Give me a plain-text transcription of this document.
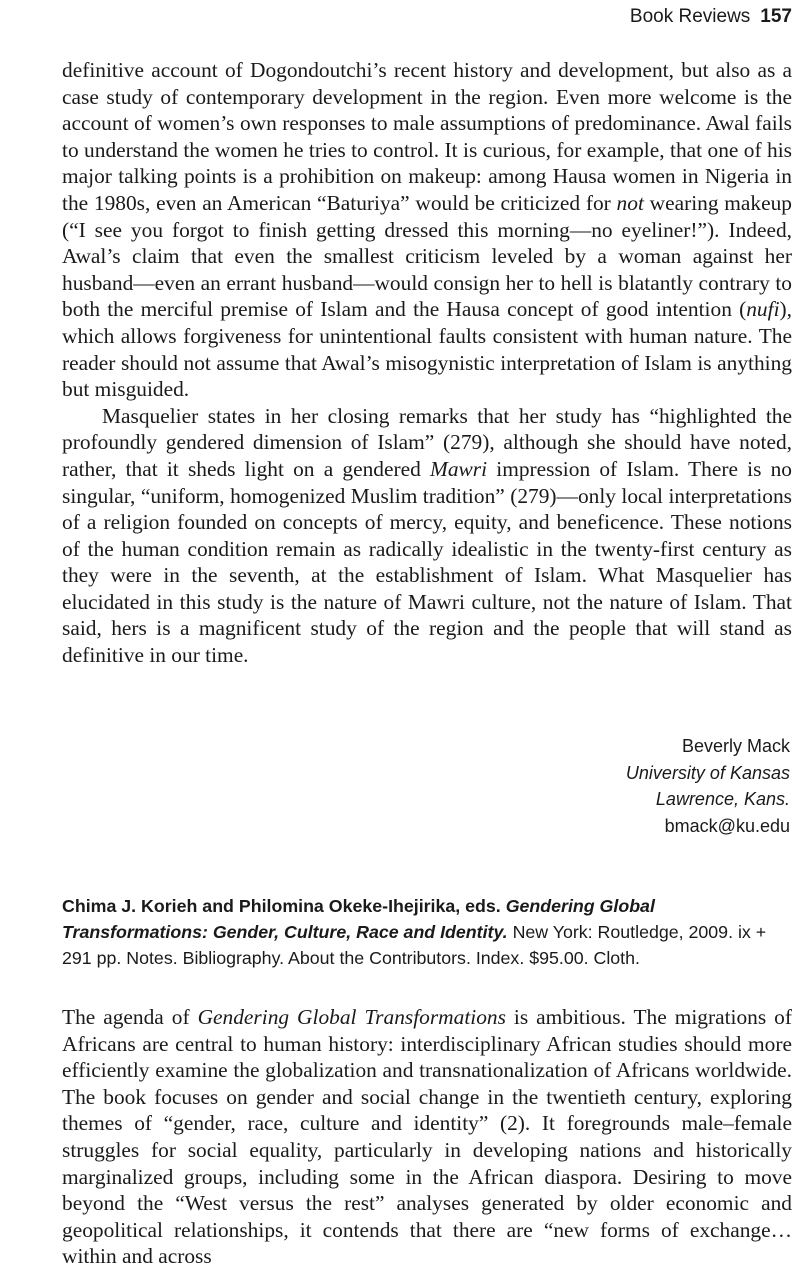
Book Reviews 157

definitive account of Dogondoutchi’s recent history and development, but also as a case study of contemporary development in the region. Even more welcome is the account of women’s own responses to male assumptions of predominance. Awal fails to understand the women he tries to control. It is curious, for example, that one of his major talking points is a prohibition on makeup: among Hausa women in Nigeria in the 1980s, even an American “Baturiya” would be criticized for not wearing makeup (“I see you forgot to finish getting dressed this morning—no eyeliner!”). Indeed, Awal’s claim that even the smallest criticism leveled by a woman against her husband—even an errant husband—would consign her to hell is blatantly contrary to both the merciful premise of Islam and the Hausa concept of good intention (nufi), which allows forgiveness for unintentional faults consistent with human nature. The reader should not assume that Awal’s misogynistic interpretation of Islam is anything but misguided.

Masquelier states in her closing remarks that her study has “highlighted the profoundly gendered dimension of Islam” (279), although she should have noted, rather, that it sheds light on a gendered Mawri impression of Islam. There is no singular, “uniform, homogenized Muslim tradition” (279)—only local interpretations of a religion founded on concepts of mercy, equity, and beneficence. These notions of the human condition remain as radically idealistic in the twenty-first century as they were in the seventh, at the establishment of Islam. What Masquelier has elucidated in this study is the nature of Mawri culture, not the nature of Islam. That said, hers is a magnificent study of the region and the people that will stand as definitive in our time.

Beverly Mack
University of Kansas
Lawrence, Kans.
bmack@ku.edu
Chima J. Korieh and Philomina Okeke-Ihejirika, eds. Gendering Global Transformations: Gender, Culture, Race and Identity. New York: Routledge, 2009. ix + 291 pp. Notes. Bibliography. About the Contributors. Index. $95.00. Cloth.

The agenda of Gendering Global Transformations is ambitious. The migrations of Africans are central to human history: interdisciplinary African studies should more efficiently examine the globalization and transnationalization of Africans worldwide. The book focuses on gender and social change in the twentieth century, exploring themes of “gender, race, culture and identity” (2). It foregrounds male–female struggles for social equality, particularly in developing nations and historically marginalized groups, including some in the African diaspora. Desiring to move beyond the “West versus the rest” analyses generated by older economic and geopolitical relationships, it contends that there are “new forms of exchange… within and across
